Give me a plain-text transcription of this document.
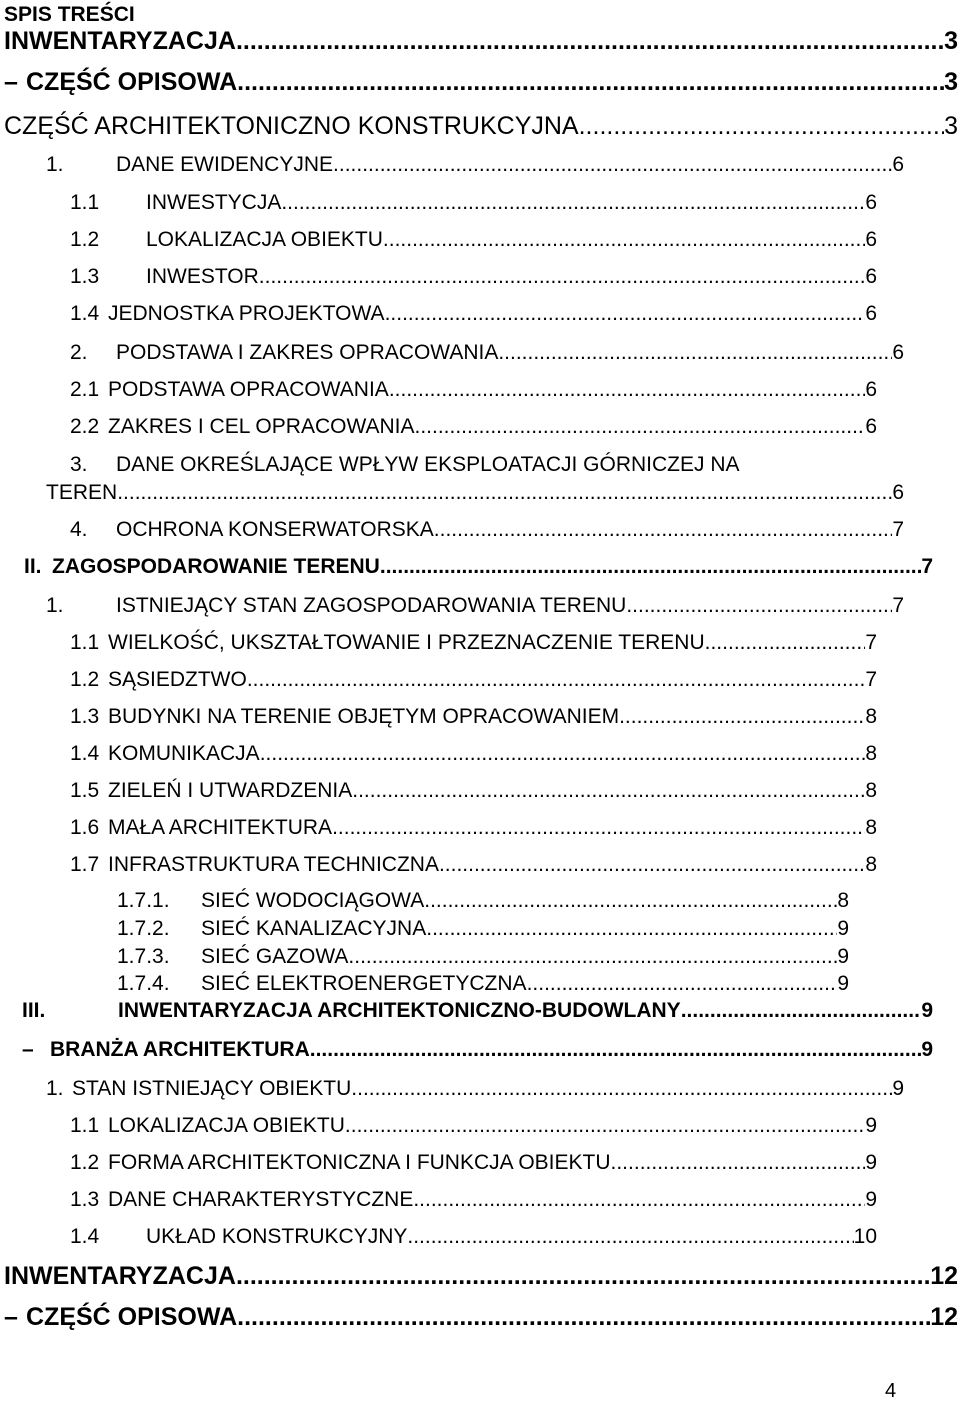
SPIS TREŚCI
INWENTARYZACJA .....	3
– CZĘŚĆ OPISOWA .....	3
CZĘŚĆ ARCHITEKTONICZNO KONSTRUKCYJNA .....	3
1.	DANE EWIDENCYJNE .....	6
1.1	INWESTYCJA .....	6
1.2	LOKALIZACJA OBIEKTU .....	6
1.3	INWESTOR .....	6
1.4 JEDNOSTKA PROJEKTOWA .....	6
2.	PODSTAWA I ZAKRES OPRACOWANIA .....	6
2.1 PODSTAWA OPRACOWANIA .....	6
2.2 ZAKRES I CEL OPRACOWANIA .....	6
3.	DANE OKREŚLAJĄCE WPŁYW EKSPLOATACJI GÓRNICZEJ NA
TEREN .....	6
4.	OCHRONA KONSERWATORSKA .....	7
II. ZAGOSPODAROWANIE TERENU .....	7
1.	ISTNIEJĄCY STAN ZAGOSPODAROWANIA TERENU .....	7
1.1 WIELKOŚĆ, UKSZTAŁTOWANIE I PRZEZNACZENIE TERENU .....	7
1.2 SĄSIEDZTWO .....	7
1.3 BUDYNKI NA TERENIE OBJĘTYM OPRACOWANIEM .....	8
1.4 KOMUNIKACJA .....	8
1.5 ZIELEŃ I UTWARDZENIA .....	8
1.6 MAŁA ARCHITEKTURA .....	8
1.7 INFRASTRUKTURA TECHNICZNA .....	8
1.7.1.	SIEĆ WODOCIĄGOWA .....	8
1.7.2.	SIEĆ KANALIZACYJNA .....	9
1.7.3.	SIEĆ GAZOWA .....	9
1.7.4.	SIEĆ ELEKTROENERGETYCZNA .....	9
III.	INWENTARYZACJA ARCHITEKTONICZNO-BUDOWLANY .....	9
– BRANŻA ARCHITEKTURA .....	9
1. STAN ISTNIEJĄCY OBIEKTU .....	9
1.1 LOKALIZACJA OBIEKTU .....	9
1.2 FORMA ARCHITEKTONICZNA I FUNKCJA OBIEKTU .....	9
1.3 DANE CHARAKTERYSTYCZNE .....	9
1.4	UKŁAD KONSTRUKCYJNY .....	10
INWENTARYZACJA .....	12
– CZĘŚĆ OPISOWA .....	12
4
